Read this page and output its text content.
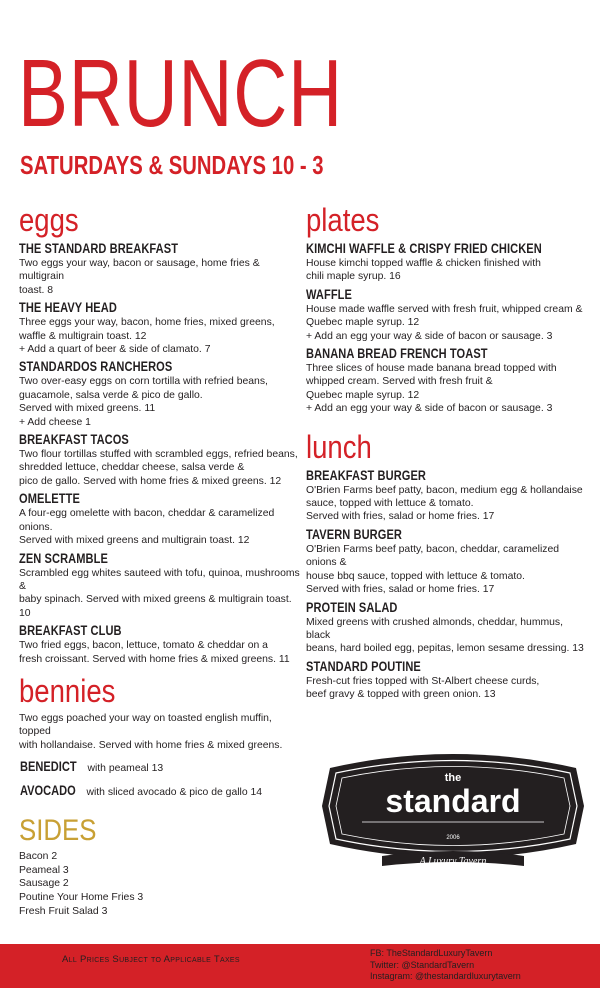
BRUNCH
SATURDAYS & SUNDAYS 10 - 3
eggs
THE STANDARD BREAKFAST
Two eggs your way, bacon or sausage, home fries & multigrain
toast. 8
THE HEAVY HEAD
Three eggs your way, bacon, home fries, mixed greens,
waffle & multigrain toast. 12
+ Add a quart of beer & side of clamato. 7
STANDARDOS RANCHEROS
Two over-easy eggs on corn tortilla with refried beans,
guacamole, salsa verde & pico de gallo.
Served with mixed greens. 11
+ Add cheese 1
BREAKFAST TACOS
Two flour tortillas stuffed with scrambled eggs, refried beans,
shredded lettuce, cheddar cheese, salsa verde &
pico de gallo. Served with home fries & mixed greens. 12
OMELETTE
A four-egg omelette with bacon, cheddar & caramelized onions.
Served with mixed greens and multigrain toast. 12
ZEN SCRAMBLE
Scrambled egg whites sauteed with tofu, quinoa, mushrooms &
baby spinach. Served with mixed greens & multigrain toast. 10
BREAKFAST CLUB
Two fried eggs, bacon, lettuce, tomato & cheddar on a
fresh croissant. Served with home fries & mixed greens. 11
bennies
Two eggs poached your way on toasted english muffin, topped
with hollandaise. Served with home fries & mixed greens.
BENEDICT with peameal 13
AVOCADO with sliced avocado & pico de gallo 14
SIDES
Bacon 2
Peameal 3
Sausage 2
Poutine Your Home Fries 3
Fresh Fruit Salad 3
plates
KIMCHI WAFFLE & CRISPY FRIED CHICKEN
House kimchi topped waffle & chicken finished with
chili maple syrup. 16
WAFFLE
House made waffle served with fresh fruit, whipped cream &
Quebec maple syrup. 12
+ Add an egg your way & side of bacon or sausage. 3
BANANA BREAD FRENCH TOAST
Three slices of house made banana bread topped with
whipped cream. Served with fresh fruit &
Quebec maple syrup. 12
+ Add an egg your way & side of bacon or sausage. 3
lunch
BREAKFAST BURGER
O'Brien Farms beef patty, bacon, medium egg & hollandaise
sauce, topped with lettuce & tomato.
Served with fries, salad or home fries. 17
TAVERN BURGER
O'Brien Farms beef patty, bacon, cheddar, caramelized onions &
house bbq sauce, topped with lettuce & tomato.
Served with fries, salad or home fries. 17
PROTEIN SALAD
Mixed greens with crushed almonds, cheddar, hummus, black
beans, hard boiled egg, pepitas, lemon sesame dressing. 13
STANDARD POUTINE
Fresh-cut fries topped with St-Albert cheese curds,
beef gravy & topped with green onion. 13
the
standard
2006
A Luxury Tavern
All Prices Subject to Applicable Taxes
FB: TheStandardLuxuryTavern
Twitter: @StandardTavern
Instagram: @thestandardluxurytavern
